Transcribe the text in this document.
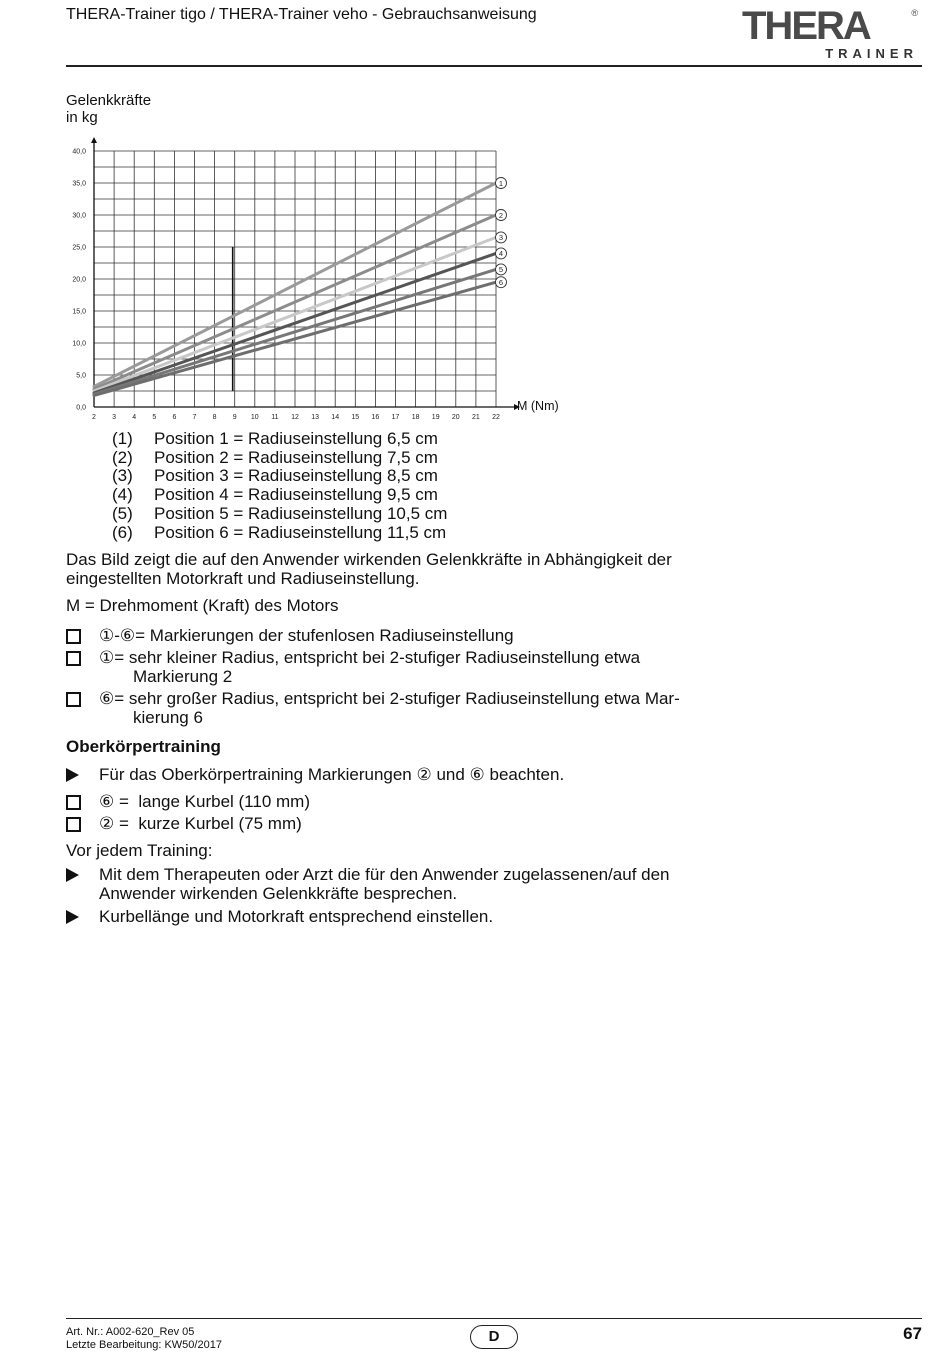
THERA-Trainer tigo / THERA-Trainer veho - Gebrauchsanweisung	THERA	®
TRAINER
Gelenkkräfte
in kg
2 3 4 5 6 7 8 9 10 11 12 13 14 15 16 17 18 19 20 21 22
0,0
5,0
10,0
15,0
20,0
25,0
30,0
35,0
40,0
M (Nm)
1
2
3
4
5
6
(1)	Position 1 = Radiuseinstellung 6,5 cm
(2)	Position 2 = Radiuseinstellung 7,5 cm
(3)	Position 3 = Radiuseinstellung 8,5 cm
(4)	Position 4 = Radiuseinstellung 9,5 cm
(5)	Position 5 = Radiuseinstellung 10,5 cm
(6)	Position 6 = Radiuseinstellung 11,5 cm
Das Bild zeigt die auf den Anwender wirkenden Gelenkkräfte in Abhängigkeit der eingestellten Motorkraft und Radiuseinstellung.
M = Drehmoment (Kraft) des Motors
①-⑥= Markierungen der stufenlosen Radiuseinstellung
①= sehr kleiner Radius, entspricht bei 2-stufiger Radiuseinstellung etwa
Markierung 2
⑥= sehr großer Radius, entspricht bei 2-stufiger Radiuseinstellung etwa Mar-
kierung 6
Oberkörpertraining
Für das Oberkörpertraining Markierungen ② und ⑥ beachten.
⑥ =  lange Kurbel (110 mm)
② =  kurze Kurbel (75 mm)
Vor jedem Training:
Mit dem Therapeuten oder Arzt die für den Anwender zugelassenen/auf den
Anwender wirkenden Gelenkkräfte besprechen.
Kurbellänge und Motorkraft entsprechend einstellen.
Art. Nr.: A002-620_Rev 05
Letzte Bearbeitung: KW50/2017	D	67
